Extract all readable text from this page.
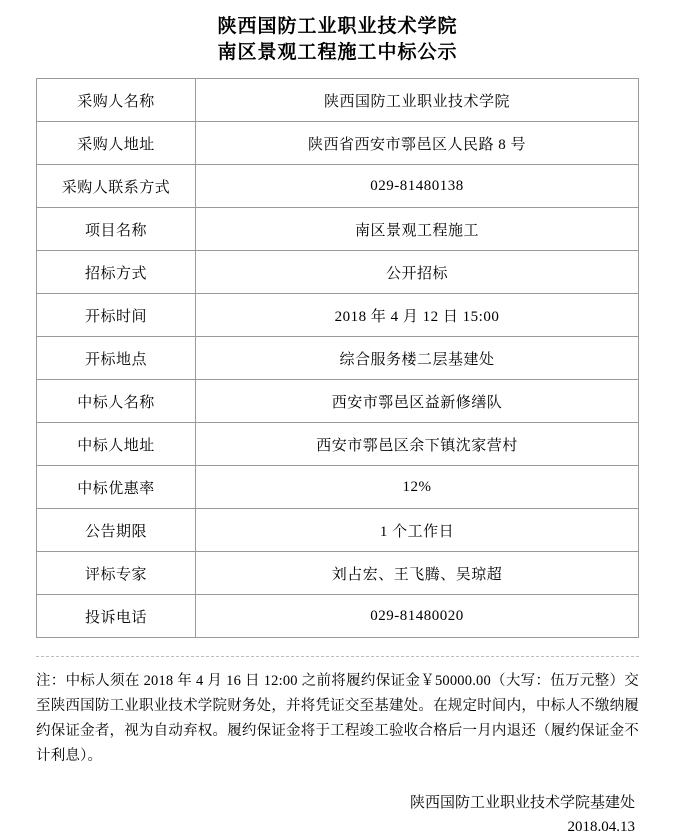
陕西国防工业职业技术学院
南区景观工程施工中标公示
采购人名称	陕西国防工业职业技术学院
采购人地址	陕西省西安市鄠邑区人民路 8 号
采购人联系方式	029-81480138
项目名称	南区景观工程施工
招标方式	公开招标
开标时间	2018 年 4 月 12 日 15:00
开标地点	综合服务楼二层基建处
中标人名称	西安市鄠邑区益新修缮队
中标人地址	西安市鄠邑区余下镇沈家营村
中标优惠率	12%
公告期限	1 个工作日
评标专家	刘占宏、王飞腾、吴琼超
投诉电话	029-81480020
注：中标人须在 2018 年 4 月 16 日 12:00 之前将履约保证金￥50000.00（大写：伍万元整）交至陕西国防工业职业技术学院财务处，并将凭证交至基建处。在规定时间内，中标人不缴纳履约保证金者，视为自动弃权。履约保证金将于工程竣工验收合格后一月内退还（履约保证金不计利息）。
陕西国防工业职业技术学院基建处
2018.04.13
